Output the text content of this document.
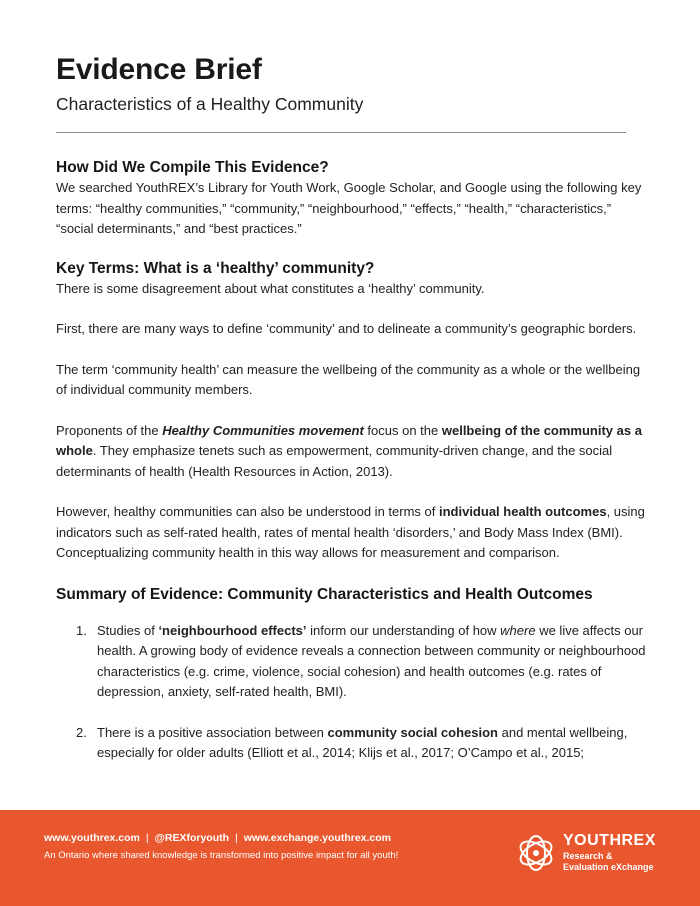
Evidence Brief
Characteristics of a Healthy Community
How Did We Compile This Evidence?

We searched YouthREX’s Library for Youth Work, Google Scholar, and Google using the following key terms: “healthy communities,” “community,” “neighbourhood,” “effects,” “health,” “characteristics,” “social determinants,” and “best practices.”

Key Terms: What is a ‘healthy’ community?

There is some disagreement about what constitutes a ‘healthy’ community.

First, there are many ways to define ‘community’ and to delineate a community’s geographic borders.

The term ‘community health’ can measure the wellbeing of the community as a whole or the wellbeing of individual community members.

Proponents of the Healthy Communities movement focus on the wellbeing of the community as a whole. They emphasize tenets such as empowerment, community-driven change, and the social determinants of health (Health Resources in Action, 2013).

However, healthy communities can also be understood in terms of individual health outcomes, using indicators such as self-rated health, rates of mental health ‘disorders,’ and Body Mass Index (BMI). Conceptualizing community health in this way allows for measurement and comparison.

Summary of Evidence: Community Characteristics and Health Outcomes
1. Studies of ‘neighbourhood effects’ inform our understanding of how where we live affects our health. A growing body of evidence reveals a connection between community or neighbourhood characteristics (e.g. crime, violence, social cohesion) and health outcomes (e.g. rates of depression, anxiety, self-rated health, BMI).
2. There is a positive association between community social cohesion and mental wellbeing, especially for older adults (Elliott et al., 2014; Klijs et al., 2017; O’Campo et al., 2015;
www.youthrex.com | @REXforyouth | www.exchange.youthrex.com
An Ontario where shared knowledge is transformed into positive impact for all youth!
YOUTHREX
Research &
Evaluation eXchange
